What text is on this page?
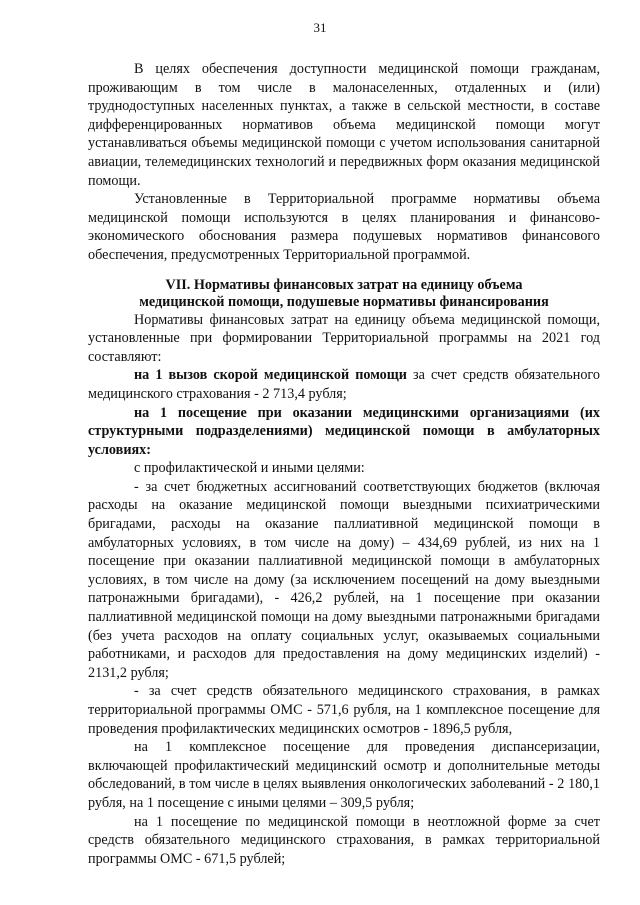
31

В целях обеспечения доступности медицинской помощи гражданам, проживающим в том числе в малонаселенных, отдаленных и (или) труднодоступных населенных пунктах, а также в сельской местности, в составе дифференцированных нормативов объема медицинской помощи могут устанавливаться объемы медицинской помощи с учетом использования санитарной авиации, телемедицинских технологий и передвижных форм оказания медицинской помощи.

Установленные в Территориальной программе нормативы объема медицинской помощи используются в целях планирования и финансово-экономического обоснования размера подушевых нормативов финансового обеспечения, предусмотренных Территориальной программой.

VII. Нормативы финансовых затрат на единицу объема
медицинской помощи, подушевые нормативы финансирования

Нормативы финансовых затрат на единицу объема медицинской помощи, установленные при формировании Территориальной программы на 2021 год составляют:

на 1 вызов скорой медицинской помощи за счет средств обязательного медицинского страхования - 2 713,4 рубля;

на 1 посещение при оказании медицинскими организациями (их структурными подразделениями) медицинской помощи в амбулаторных условиях:

с профилактической и иными целями:

- за счет бюджетных ассигнований соответствующих бюджетов (включая расходы на оказание медицинской помощи выездными психиатрическими бригадами, расходы на оказание паллиативной медицинской помощи в амбулаторных условиях, в том числе на дому) – 434,69 рублей, из них на 1 посещение при оказании паллиативной медицинской помощи в амбулаторных условиях, в том числе на дому (за исключением посещений на дому выездными патронажными бригадами), - 426,2 рублей, на 1 посещение при оказании паллиативной медицинской помощи на дому выездными патронажными бригадами (без учета расходов на оплату социальных услуг, оказываемых социальными работниками, и расходов для предоставления на дому медицинских изделий) - 2131,2 рубля;

- за счет средств обязательного медицинского страхования, в рамках территориальной программы ОМС - 571,6 рубля, на 1 комплексное посещение для проведения профилактических медицинских осмотров - 1896,5 рубля,

на 1 комплексное посещение для проведения диспансеризации, включающей профилактический медицинский осмотр и дополнительные методы обследований, в том числе в целях выявления онкологических заболеваний - 2 180,1 рубля, на 1 посещение с иными целями – 309,5 рубля;

на 1 посещение по медицинской помощи в неотложной форме за счет средств обязательного медицинского страхования, в рамках территориальной программы ОМС - 671,5 рублей;
